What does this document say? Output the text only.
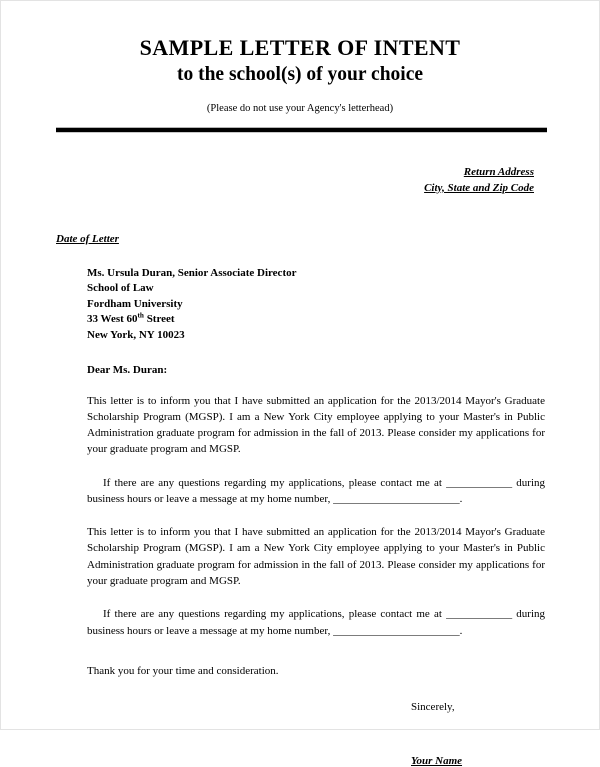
SAMPLE LETTER OF INTENT
to the school(s) of your choice
(Please do not use your Agency's letterhead)
Return Address
City, State and Zip Code
Date of Letter
Ms. Ursula Duran, Senior Associate Director
School of Law
Fordham University
33 West 60th Street
New York, NY 10023
Dear Ms. Duran:
This letter is to inform you that I have submitted an application for the 2013/2014 Mayor's Graduate Scholarship Program (MGSP). I am a New York City employee applying to your Master's in Public Administration graduate program for admission in the fall of 2013. Please consider my applications for your graduate program and MGSP.
If there are any questions regarding my applications, please contact me at ____________ during business hours or leave a message at my home number, _______________________.
This letter is to inform you that I have submitted an application for the 2013/2014 Mayor's Graduate Scholarship Program (MGSP). I am a New York City employee applying to your Master's in Public Administration graduate program for admission in the fall of 2013. Please consider my applications for your graduate program and MGSP.
If there are any questions regarding my applications, please contact me at ____________ during business hours or leave a message at my home number, _______________________.
Thank you for your time and consideration.
Sincerely,
Your Name
